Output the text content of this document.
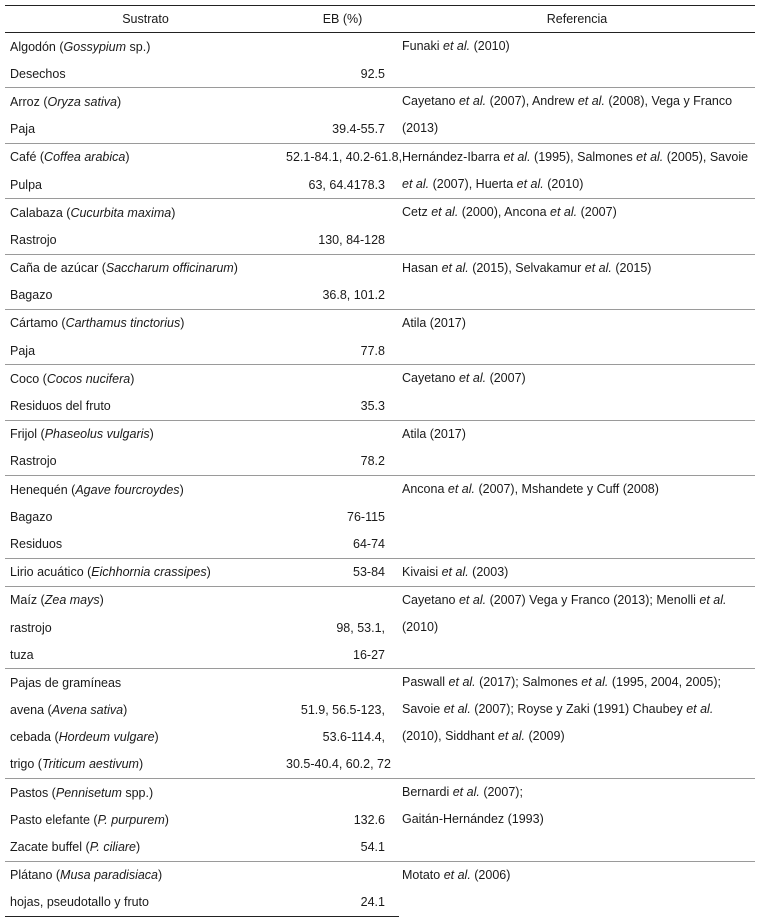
Sustrato	EB (%)	Referencia
Algodón (Gossypium sp.)		Funaki et al. (2010)
Desechos	92.5	
Arroz (Oryza sativa)		Cayetano et al. (2007), Andrew et al. (2008), Vega y Franco (2013)
Paja	39.4-55.7	
Café (Coffea arabica)	52.1-84.1, 40.2-61.8,	Hernández-Ibarra et al. (1995), Salmones et al. (2005), Savoie et al. (2007), Huerta et al. (2010)
Pulpa	63, 64.4178.3	
Calabaza (Cucurbita maxima)		Cetz et al. (2000), Ancona et al. (2007)
Rastrojo	130, 84-128	
Caña de azúcar (Saccharum officinarum)		Hasan et al. (2015), Selvakamur et al. (2015)
Bagazo	36.8, 101.2	
Cártamo (Carthamus tinctorius)		Atila (2017)
Paja	77.8	
Coco (Cocos nucifera)		Cayetano et al. (2007)
Residuos del fruto	35.3	
Frijol (Phaseolus vulgaris)		Atila (2017)
Rastrojo	78.2	
Henequén (Agave fourcroydes)		Ancona et al. (2007), Mshandete y Cuff (2008)
Bagazo	76-115	
Residuos	64-74	
Lirio acuático (Eichhornia crassipes)	53-84	Kivaisi et al. (2003)
Maíz (Zea mays)		Cayetano et al. (2007) Vega y Franco (2013); Menolli et al. (2010)
rastrojo	98, 53.1,	
tuza	16-27	
Pajas de gramíneas		Paswall et al. (2017); Salmones et al. (1995, 2004, 2005); Savoie et al. (2007); Royse y Zaki (1991) Chaubey et al. (2010), Siddhant et al. (2009)
avena (Avena sativa)	51.9, 56.5-123,	
cebada (Hordeum vulgare)	53.6-114.4,	
trigo (Triticum aestivum)	30.5-40.4, 60.2, 72	
Pastos (Pennisetum spp.)		Bernardi et al. (2007);
Gaitán-Hernández (1993)
Pasto elefante (P. purpurem)	132.6	
Zacate buffel (P. ciliare)	54.1	
Plátano (Musa paradisiaca)		Motato et al. (2006)
hojas, pseudotallo y fruto	24.1	
